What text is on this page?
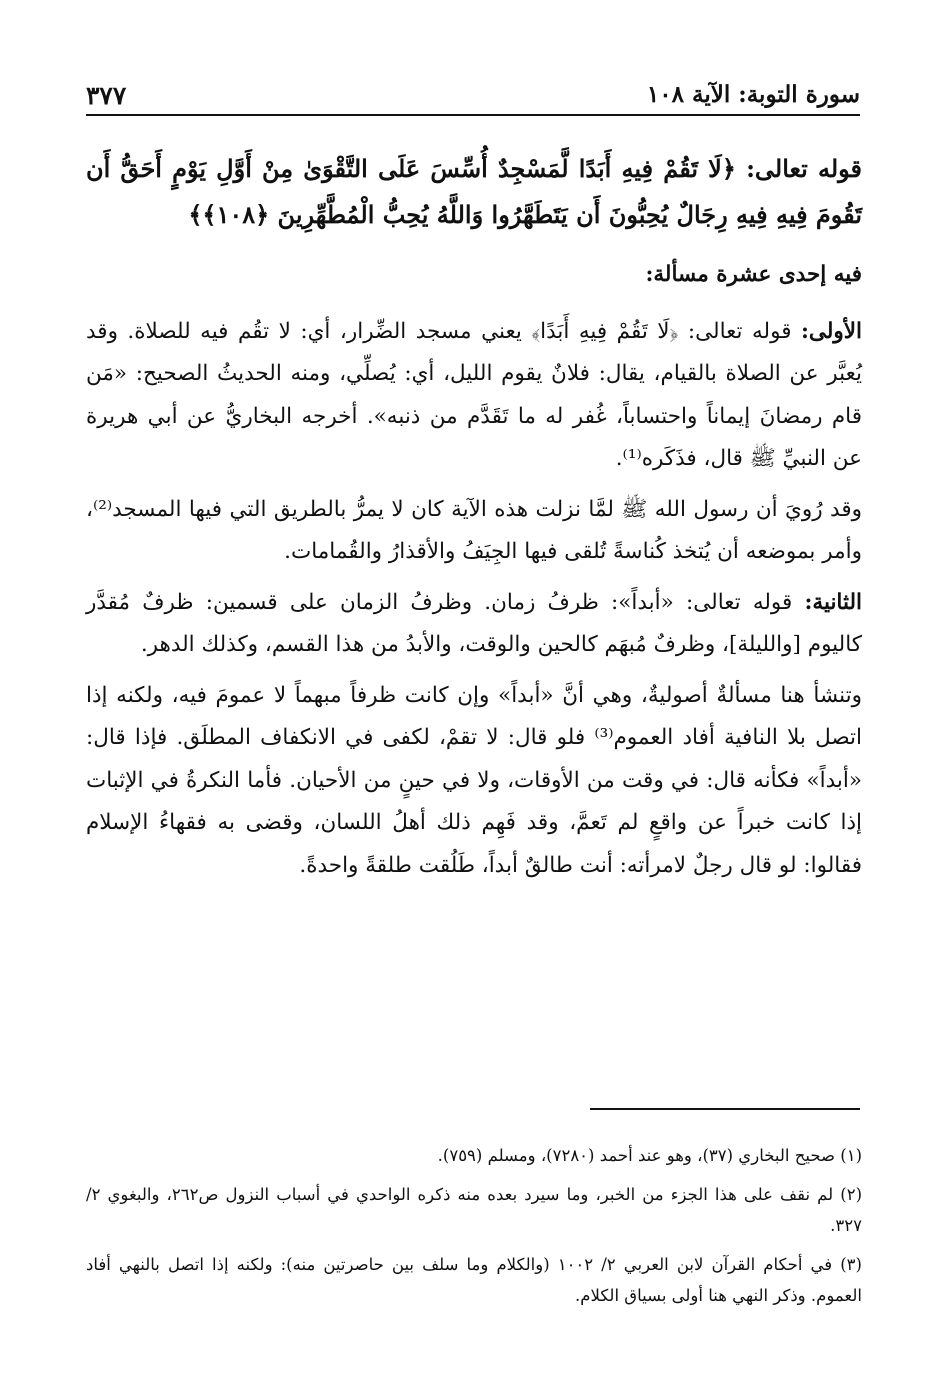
سورة التوبة: الآية ١٠٨
٣٧٧

قوله تعالى: ﴿لَا تَقُمْ فِيهِ أَبَدًا لَّمَسْجِدٌ أُسِّسَ عَلَى التَّقْوَىٰ مِنْ أَوَّلِ يَوْمٍ أَحَقُّ أَن تَقُومَ فِيهِ فِيهِ رِجَالٌ يُحِبُّونَ أَن يَتَطَهَّرُوا وَاللَّهُ يُحِبُّ الْمُطَّهِّرِينَ ﴿١٠٨﴾﴾

فيه إحدى عشرة مسألة:

الأولى: قوله تعالى: ﴿لَا تَقُمْ فِيهِ أَبَدًا﴾ يعني مسجد الضِّرار، أي: لا تقُم فيه للصلاة. وقد يُعبَّر عن الصلاة بالقيام، يقال: فلانٌ يقوم الليل، أي: يُصلِّي، ومنه الحديثُ الصحيح: «مَن قام رمضانَ إيماناً واحتساباً، غُفر له ما تَقَدَّم من ذنبه». أخرجه البخاريُّ عن أبي هريرة عن النبيِّ ﷺ قال، فذَكَره⁽¹⁾.

وقد رُويَ أن رسول الله ﷺ لمَّا نزلت هذه الآية كان لا يمرُّ بالطريق التي فيها المسجد⁽²⁾، وأمر بموضعه أن يُتخذ كُناسةً تُلقى فيها الجِيَفُ والأقذارُ والقُمامات.

الثانية: قوله تعالى: «أبداً»: ظرفُ زمان. وظرفُ الزمان على قسمين: ظرفٌ مُقدَّر كاليوم [والليلة]، وظرفٌ مُبهَم كالحين والوقت، والأبدُ من هذا القسم، وكذلك الدهر.

وتنشأ هنا مسألةٌ أصوليةٌ، وهي أنَّ «أبداً» وإن كانت ظرفاً مبهماً لا عمومَ فيه، ولكنه إذا اتصل بلا النافية أفاد العموم⁽³⁾ فلو قال: لا تقمْ، لكفى في الانكفاف المطلَق. فإذا قال: «أبداً» فكأنه قال: في وقت من الأوقات، ولا في حينٍ من الأحيان. فأما النكرةُ في الإثبات إذا كانت خبراً عن واقعٍ لم تَعمَّ، وقد فَهِم ذلك أهلُ اللسان، وقضى به فقهاءُ الإسلام فقالوا: لو قال رجلٌ لامرأته: أنت طالقٌ أبداً، طَلُقت طلقةً واحدةً.

(١) صحيح البخاري (٣٧)، وهو عند أحمد (٧٢٨٠)، ومسلم (٧٥٩).

(٢) لم نقف على هذا الجزء من الخبر، وما سيرد بعده منه ذكره الواحدي في أسباب النزول ص٢٦٢، والبغوي ٢/ ٣٢٧.

(٣) في أحكام القرآن لابن العربي ٢/ ١٠٠٢ (والكلام وما سلف بين حاصرتين منه): ولكنه إذا اتصل بالنهي أفاد العموم. وذكر النهي هنا أولى بسياق الكلام.
